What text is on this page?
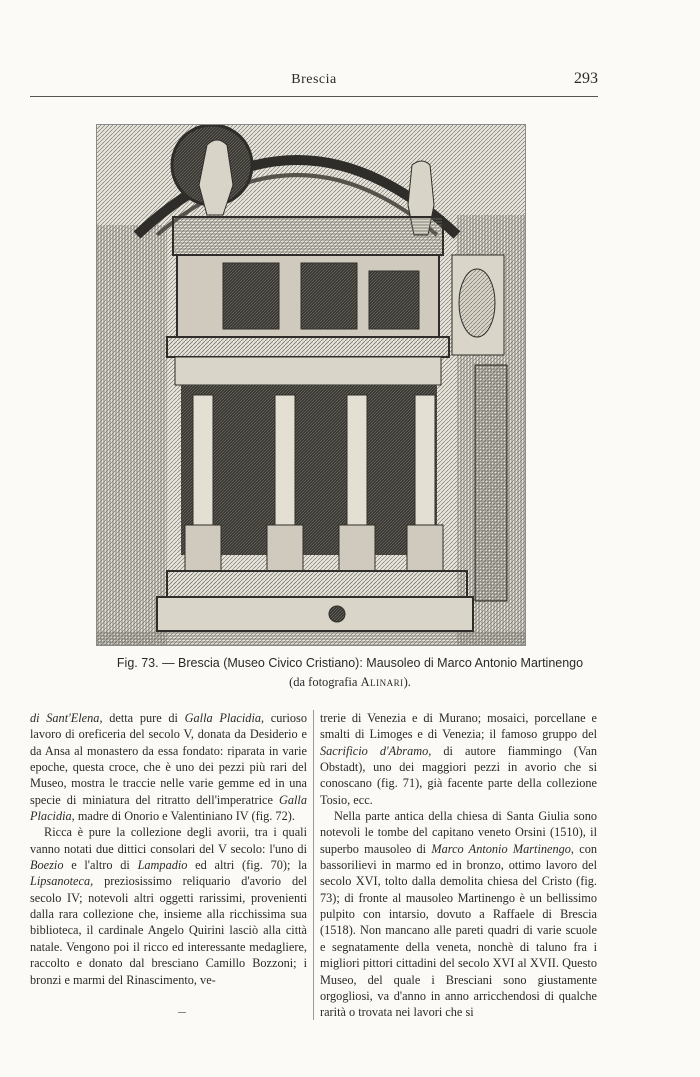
Brescia	293
Fig. 73. — Brescia (Museo Civico Cristiano): Mausoleo di Marco Antonio Martinengo
(da fotografia Alinari).

di Sant'Elena, detta pure di Galla Placidia, curioso lavoro di oreficeria del secolo V, donata da Desiderio e da Ansa al monastero da essa fondato: riparata in varie epoche, questa croce, che è uno dei pezzi più rari del Museo, mostra le traccie nelle varie gemme ed in una specie di miniatura del ritratto dell'imperatrice Galla Placidia, madre di Onorio e Valentiniano IV (fig. 72).

Ricca è pure la collezione degli avorii, tra i quali vanno notati due dittici consolari del V secolo: l'uno di Boezio e l'altro di Lampadio ed altri (fig. 70); la Lipsanoteca, preziosissimo reliquario d'avorio del secolo IV; notevoli altri oggetti rarissimi, provenienti dalla rara collezione che, insieme alla ricchissima sua biblioteca, il cardinale Angelo Quirini lasciò alla città natale. Vengono poi il ricco ed interessante medagliere, raccolto e donato dal bresciano Camillo Bozzoni; i bronzi e marmi del Rinascimento, ve-

trerie di Venezia e di Murano; mosaici, porcellane e smalti di Limoges e di Venezia; il famoso gruppo del Sacrificio d'Abramo, di autore fiammingo (Van Obstadt), uno dei maggiori pezzi in avorio che si conoscano (fig. 71), già facente parte della collezione Tosio, ecc.

Nella parte antica della chiesa di Santa Giulia sono notevoli le tombe del capitano veneto Orsini (1510), il superbo mausoleo di Marco Antonio Martinengo, con bassorilievi in marmo ed in bronzo, ottimo lavoro del secolo XVI, tolto dalla demolita chiesa del Cristo (fig. 73); di fronte al mausoleo Martinengo è un bellissimo pulpito con intarsio, dovuto a Raffaele di Brescia (1518). Non mancano alle pareti quadri di varie scuole e segnatamente della veneta, nonchè di taluno fra i migliori pittori cittadini del secolo XVI al XVII. Questo Museo, del quale i Bresciani sono giustamente orgogliosi, va d'anno in anno arricchendosi di qualche rarità o trovata nei lavori che si
